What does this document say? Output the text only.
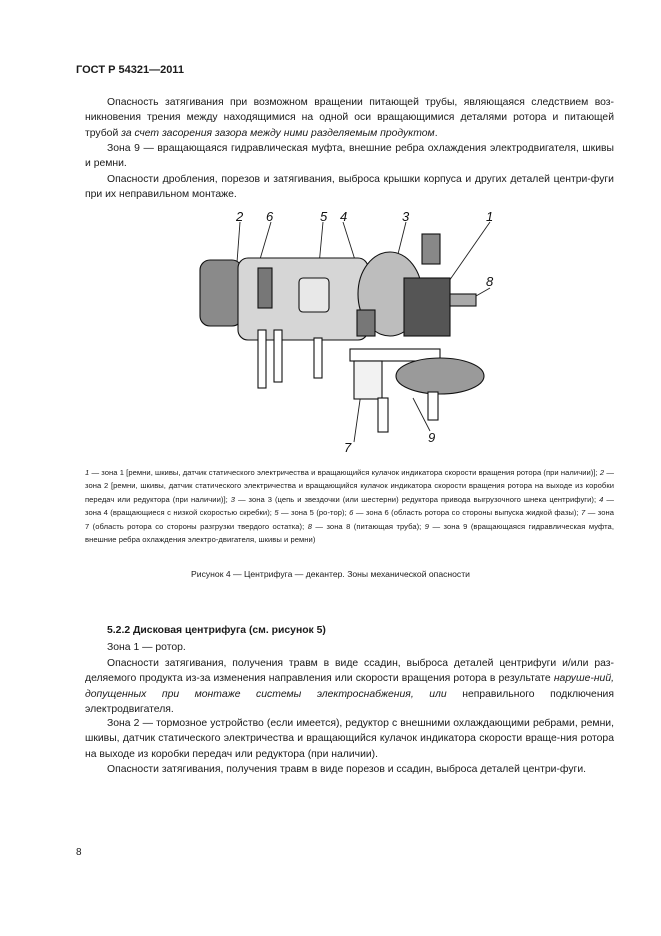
ГОСТ Р 54321—2011

Опасность затягивания при возможном вращении питающей трубы, являющаяся следствием воз-никновения трения между находящимися на одной оси вращающимися деталями ротора и питающей трубой за счет засорения зазора между ними разделяемым продуктом.

Зона 9 — вращающаяся гидравлическая муфта, внешние ребра охлаждения электродвигателя, шкивы и ремни.

Опасности дробления, порезов и затягивания, выброса крышки корпуса и других деталей центри-фуги при их неправильном монтаже.

2 6	5 4	3	1
8
7
9

1 — зона 1 [ремни, шкивы, датчик статического электричества и вращающийся кулачок индикатора скорости вращения ротора (при наличии)]; 2 — зона 2 [ремни, шкивы, датчик статического электричества и вращающийся кулачок индикатора скорости вращения ротора на выходе из коробки передач или редуктора (при наличии)]; 3 — зона 3 (цепь и звездочки (или шестерни) редуктора привода выгрузочного шнека центрифуги); 4 — зона 4 (вращающиеся с низкой скоростью скребки); 5 — зона 5 (ро-тор); 6 — зона 6 (область ротора со стороны выпуска жидкой фазы); 7 — зона 7 (область ротора со стороны разгрузки твердого остатка); 8 — зона 8 (питающая труба); 9 — зона 9 (вращающаяся гидравлическая муфта, внешние ребра охлаждения электро-двигателя, шкивы и ремни)

Рисунок 4 — Центрифуга — декантер. Зоны механической опасности
5.2.2 Дисковая центрифуга (см. рисунок 5)

Зона 1 — ротор.

Опасности затягивания, получения травм в виде ссадин, выброса деталей центрифуги и/или раз-деляемого продукта из-за изменения направления или скорости вращения ротора в результате наруше-ний, допущенных при монтаже системы электроснабжения, или неправильного подключения электродвигателя.

Зона 2 — тормозное устройство (если имеется), редуктор с внешними охлаждающими ребрами, ремни, шкивы, датчик статического электричества и вращающийся кулачок индикатора скорости враще-ния ротора на выходе из коробки передач или редуктора (при наличии).

Опасности затягивания, получения травм в виде порезов и ссадин, выброса деталей центри-фуги.

8
